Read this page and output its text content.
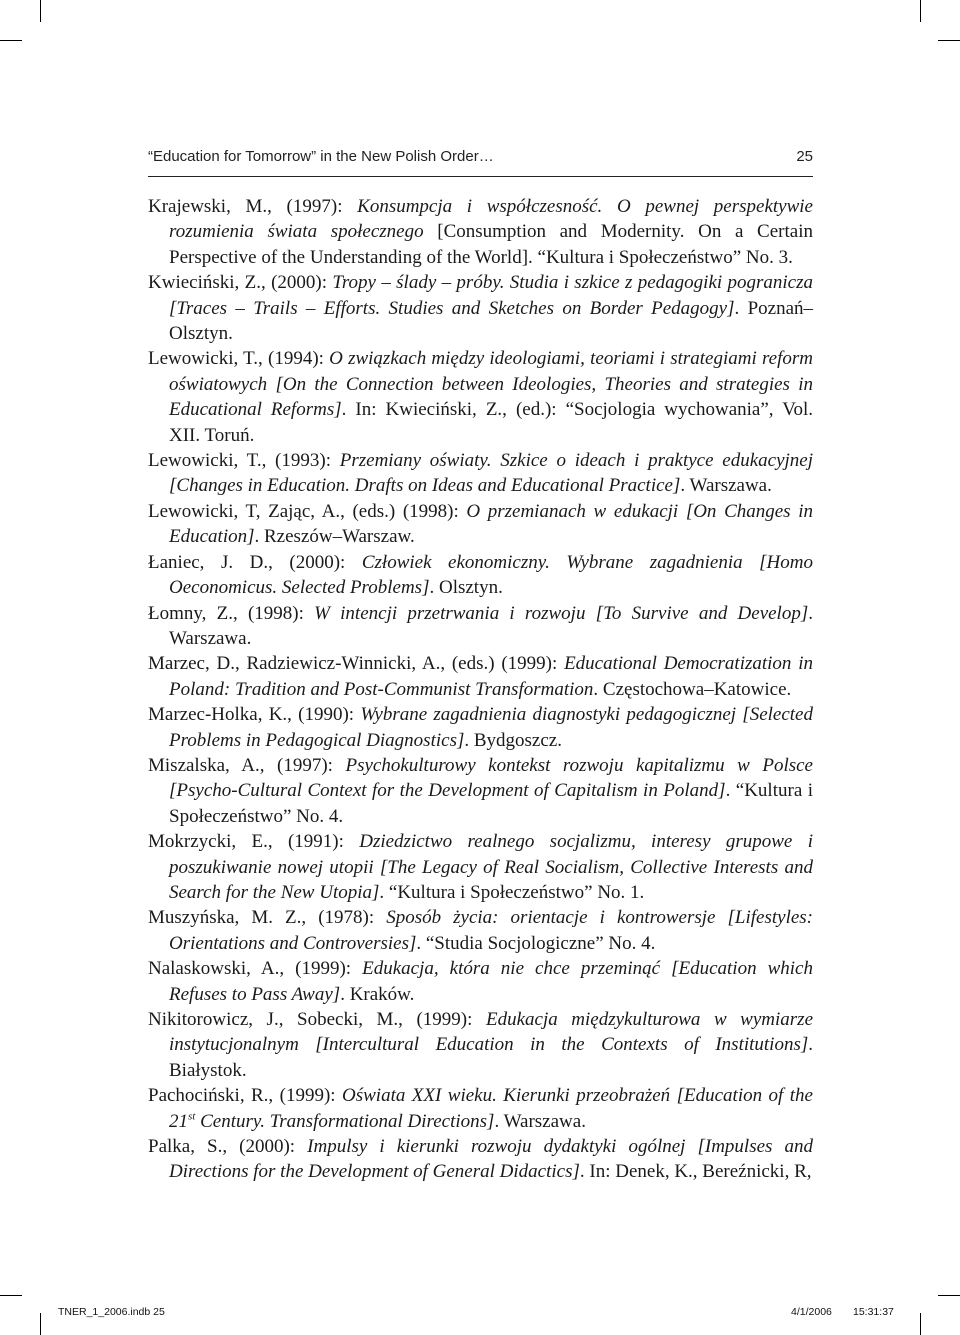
“Education for Tomorrow” in the New Polish Order…	25

Krajewski, M., (1997): Konsumpcja i współczesność. O pewnej perspektywie rozumienia świata społecznego [Consumption and Modernity. On a Certain Perspective of the Understanding of the World]. “Kultura i Społeczeństwo” No. 3.

Kwieciński, Z., (2000): Tropy – ślady – próby. Studia i szkice z pedagogiki pogranicza [Traces – Trails – Efforts. Studies and Sketches on Border Pedagogy]. Poznań–Olsztyn.

Lewowicki, T., (1994): O związkach między ideologiami, teoriami i strategiami reform oświatowych [On the Connection between Ideologies, Theories and strategies in Educational Reforms]. In: Kwieciński, Z., (ed.): “Socjologia wychowania”, Vol. XII. Toruń.

Lewowicki, T., (1993): Przemiany oświaty. Szkice o ideach i praktyce edukacyjnej [Changes in Education. Drafts on Ideas and Educational Practice]. Warszawa.

Lewowicki, T, Zając, A., (eds.) (1998): O przemianach w edukacji [On Changes in Education]. Rzeszów–Warszaw.

Łaniec, J. D., (2000): Człowiek ekonomiczny. Wybrane zagadnienia [Homo Oeconomicus. Selected Problems]. Olsztyn.

Łomny, Z., (1998): W intencji przetrwania i rozwoju [To Survive and Develop]. Warszawa.

Marzec, D., Radziewicz-Winnicki, A., (eds.) (1999): Educational Democratization in Poland: Tradition and Post-Communist Transformation. Częstochowa–Katowice.

Marzec-Holka, K., (1990): Wybrane zagadnienia diagnostyki pedagogicznej [Selected Problems in Pedagogical Diagnostics]. Bydgoszcz.

Miszalska, A., (1997): Psychokulturowy kontekst rozwoju kapitalizmu w Polsce [Psycho-Cultural Context for the Development of Capitalism in Poland]. “Kultura i Społeczeństwo” No. 4.

Mokrzycki, E., (1991): Dziedzictwo realnego socjalizmu, interesy grupowe i poszukiwanie nowej utopii [The Legacy of Real Socialism, Collective Interests and Search for the New Utopia]. “Kultura i Społeczeństwo” No. 1.

Muszyńska, M. Z., (1978): Sposób życia: orientacje i kontrowersje [Lifestyles: Orientations and Controversies]. “Studia Socjologiczne” No. 4.

Nalaskowski, A., (1999): Edukacja, która nie chce przeminąć [Education which Refuses to Pass Away]. Kraków.

Nikitorowicz, J., Sobecki, M., (1999): Edukacja międzykulturowa w wymiarze instytucjonalnym [Intercultural Education in the Contexts of Institutions]. Białystok.

Pachociński, R., (1999): Oświata XXI wieku. Kierunki przeobrażeń [Education of the 21st Century. Transformational Directions]. Warszawa.

Palka, S., (2000): Impulsy i kierunki rozwoju dydaktyki ogólnej [Impulses and Directions for the Development of General Didactics]. In: Denek, K., Bereźnicki, R,

TNER_1_2006.indb 25	4/1/2006 15:31:37
